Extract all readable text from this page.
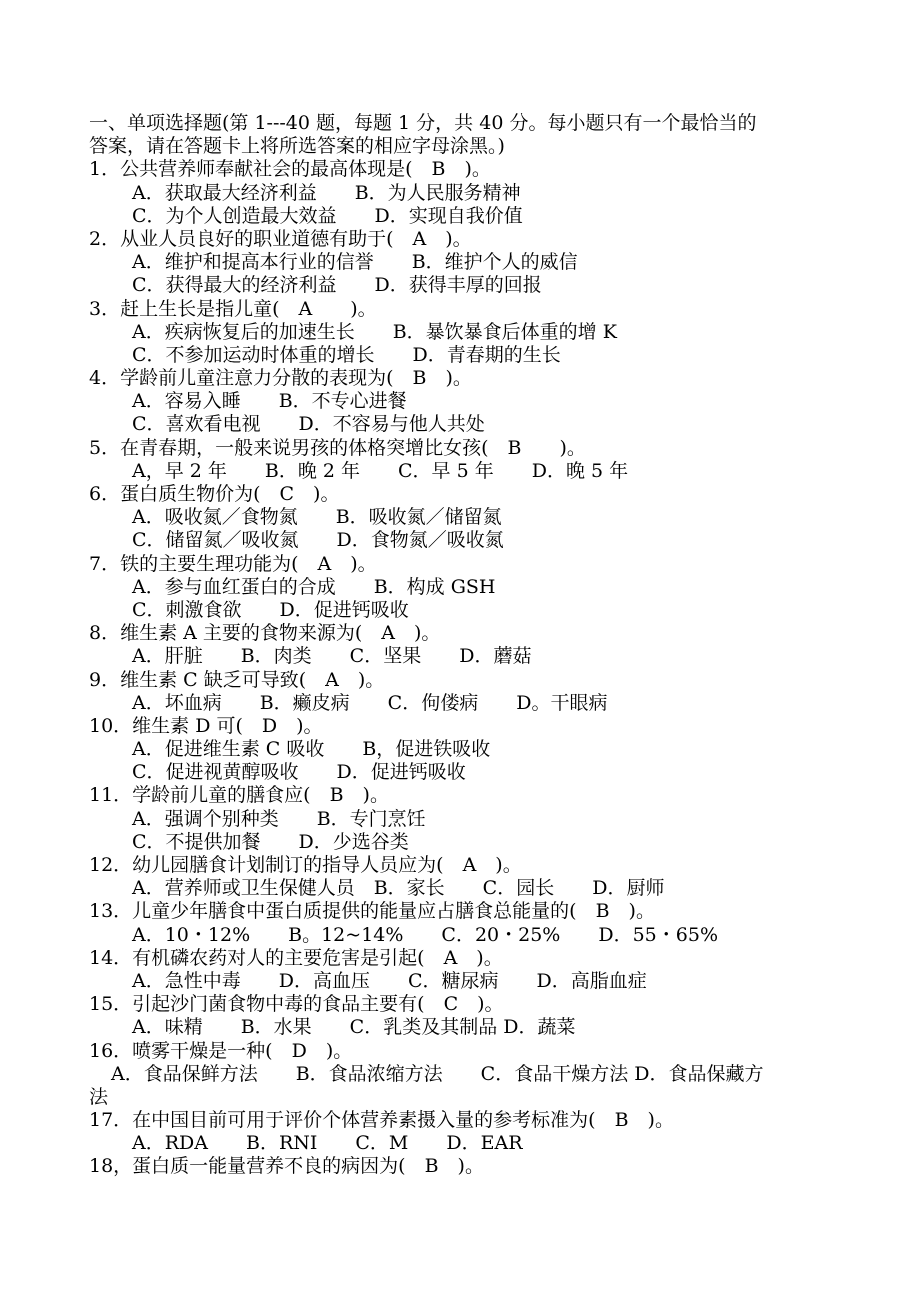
一、单项选择题(第 1---40 题，每题 1 分，共 40 分。每小题只有一个最恰当的
答案，请在答题卡上将所选答案的相应字母涂黑。)
1．公共营养师奉献社会的最高体现是(　B　)。
A．获取最大经济利益　　B．为人民服务精神
C．为个人创造最大效益　　D．实现自我价值
2．从业人员良好的职业道德有助于(　A　)。
A．维护和提高本行业的信誉　　B．维护个人的威信
C．获得最大的经济利益　　D．获得丰厚的回报
3．赶上生长是指儿童(　A　　)。
A．疾病恢复后的加速生长　　B．暴饮暴食后体重的增 K
C．不参加运动时体重的增长　　D．青春期的生长
4．学龄前儿童注意力分散的表现为(　B　)。
A．容易入睡　　B．不专心进餐
C．喜欢看电视　　D．不容易与他人共处
5．在青春期，一般来说男孩的体格突增比女孩(　B　　)。
A，早 2 年　　B．晚 2 年　　C．早 5 年　　D．晚 5 年
6．蛋白质生物价为(　C　)。
A．吸收氮／食物氮　　B．吸收氮／储留氮
C．储留氮／吸收氮　　D．食物氮／吸收氮
7．铁的主要生理功能为(　A　)。
A．参与血红蛋白的合成　　B．构成 GSH
C．刺激食欲　　D．促进钙吸收
8．维生素 A 主要的食物来源为(　A　)。
A．肝脏　　B．肉类　　C．坚果　　D．蘑菇
9．维生素 C 缺乏可导致(　A　)。
A．坏血病　　B．癞皮病　　C．佝偻病　　D。干眼病
10．维生素 D 可(　D　)。
A．促进维生素 C 吸收　　B，促进铁吸收
C．促进视黄醇吸收　　D．促进钙吸收
11．学龄前儿童的膳食应(　B　)。
A．强调个别种类　　B．专门烹饪
C．不提供加餐　　D．少选谷类
12．幼儿园膳食计划制订的指导人员应为(　A　)。
A．营养师或卫生保健人员　B．家长　　C．园长　　D．厨师
13．儿童少年膳食中蛋白质提供的能量应占膳食总能量的(　B　)。
A．10・12%　　B。12~14%　　C．20・25%　　D．55・65%
14．有机磷农药对人的主要危害是引起(　A　)。
A．急性中毒　　D．高血压　　C．糖尿病　　D．高脂血症
15．引起沙门菌食物中毒的食品主要有(　C　)。
A．味精　　B．水果　　C．乳类及其制品 D．蔬菜
16．喷雾干燥是一种(　D　)。
A．食品保鲜方法　　B．食品浓缩方法　　C．食品干燥方法 D．食品保藏方
法
17．在中国目前可用于评价个体营养素摄入量的参考标准为(　B　)。
A．RDA　　B．RNI　　C．M　　D．EAR
18，蛋白质一能量营养不良的病因为(　B　)。
